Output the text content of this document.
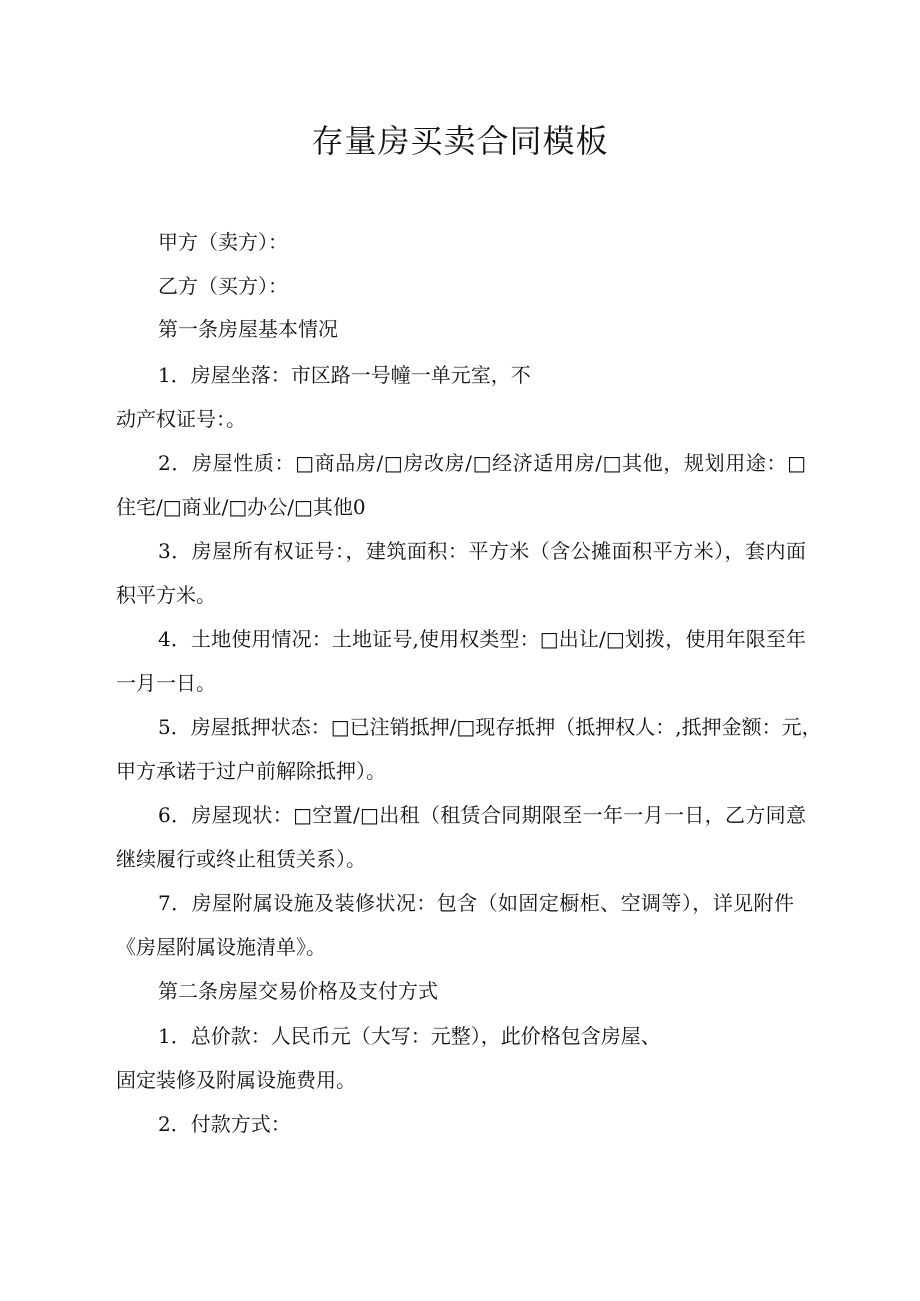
存量房买卖合同模板

甲方（卖方）：

乙方（买方）：

第一条房屋基本情况

1．房屋坐落：市区路一号幢一单元室，不

动产权证号：。

2．房屋性质：□商品房/□房改房/□经济适用房/□其他，规划用途：□

住宅/□商业/□办公/□其他0

3．房屋所有权证号：，建筑面积：平方米（含公摊面积平方米），套内面

积平方米。

4．土地使用情况：土地证号,使用权类型：□出让/□划拨，使用年限至年

一月一日。

5．房屋抵押状态：□已注销抵押/□现存抵押（抵押权人：,抵押金额：元，

甲方承诺于过户前解除抵押）。

6．房屋现状：□空置/□出租（租赁合同期限至一年一月一日，乙方同意

继续履行或终止租赁关系）。

7．房屋附属设施及装修状况：包含（如固定橱柜、空调等），详见附件

《房屋附属设施清单》。

第二条房屋交易价格及支付方式

1．总价款：人民币元（大写：元整），此价格包含房屋、

固定装修及附属设施费用。

2．付款方式：
